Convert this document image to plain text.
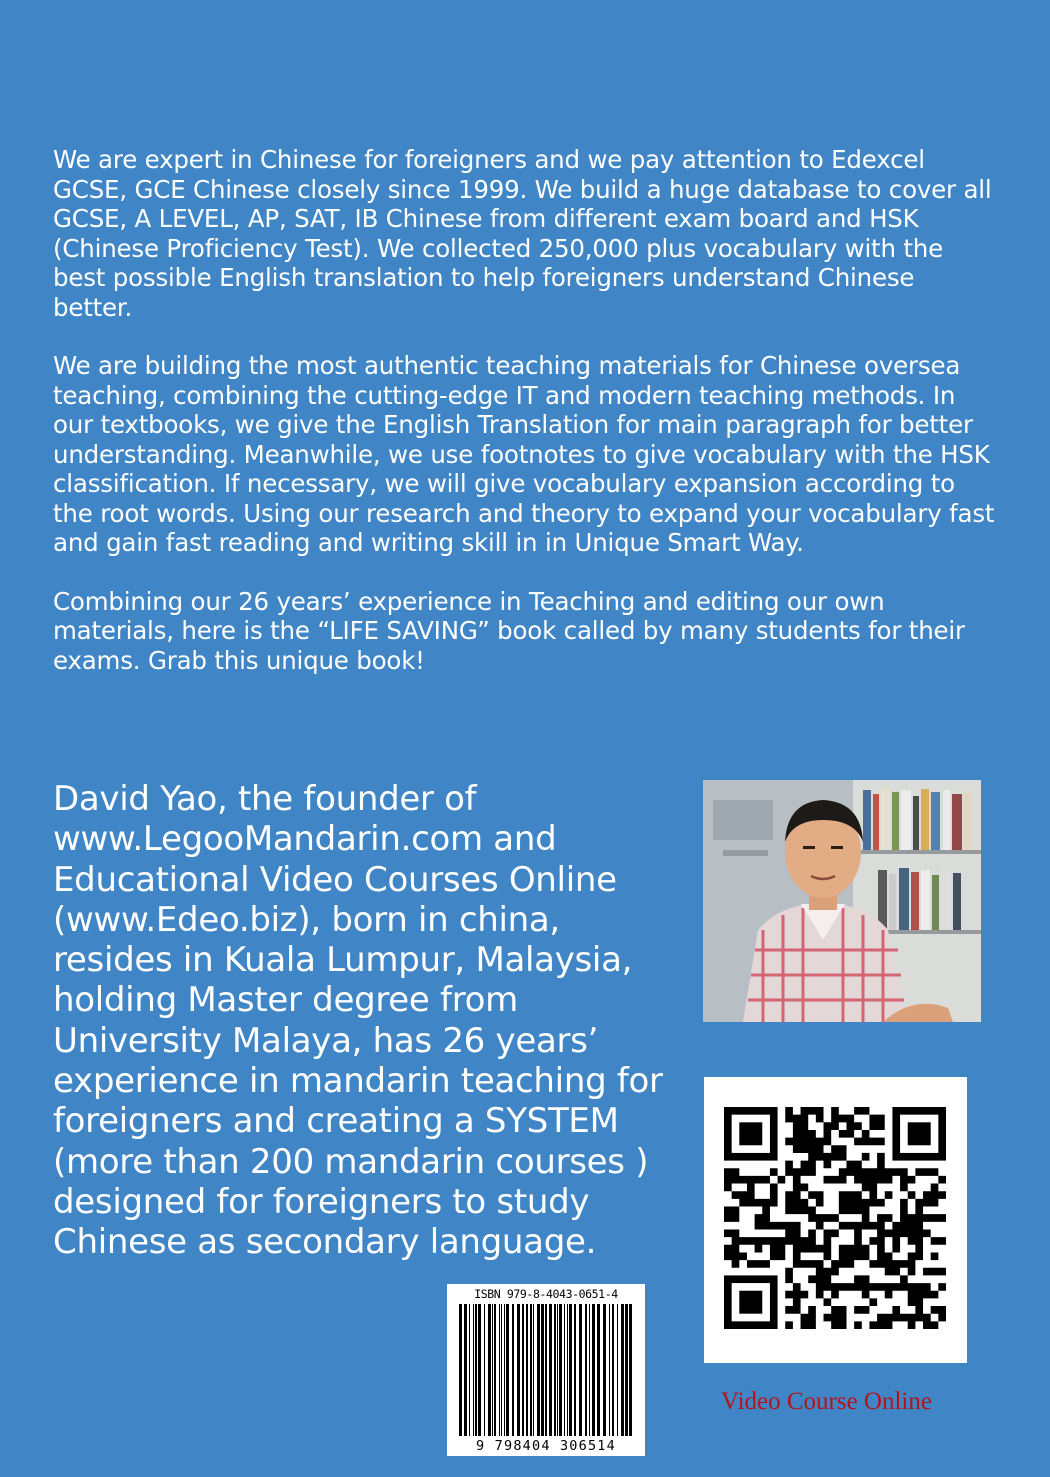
We are expert in Chinese for foreigners and we pay attention to Edexcel GCSE, GCE Chinese closely since 1999. We build a huge database to cover all GCSE, A LEVEL, AP, SAT, IB Chinese from different exam board and HSK (Chinese Proficiency Test). We collected 250,000 plus vocabulary with the best possible English translation to help foreigners understand Chinese better.

We are building the most authentic teaching materials for Chinese oversea teaching, combining the cutting-edge IT and modern teaching methods. In our textbooks, we give the English Translation for main paragraph for better understanding. Meanwhile, we use footnotes to give vocabulary with the HSK classification. If necessary, we will give vocabulary expansion according to the root words. Using our research and theory to expand your vocabulary fast and gain fast reading and writing skill in in Unique Smart Way.

Combining our 26 years’ experience in Teaching and editing our own materials, here is the “LIFE SAVING” book called by many students for their exams. Grab this unique book!

David Yao, the founder of www.LegooMandarin.com and Educational Video Courses Online (www.Edeo.biz), born in china, resides in Kuala Lumpur, Malaysia, holding Master degree from University Malaya, has 26 years’ experience in mandarin teaching for foreigners and creating a SYSTEM (more than 200 mandarin courses ) designed for foreigners to study Chinese as secondary language.
Video Course Online
ISBN 979-8-4043-0651-4
9 798404 306514
